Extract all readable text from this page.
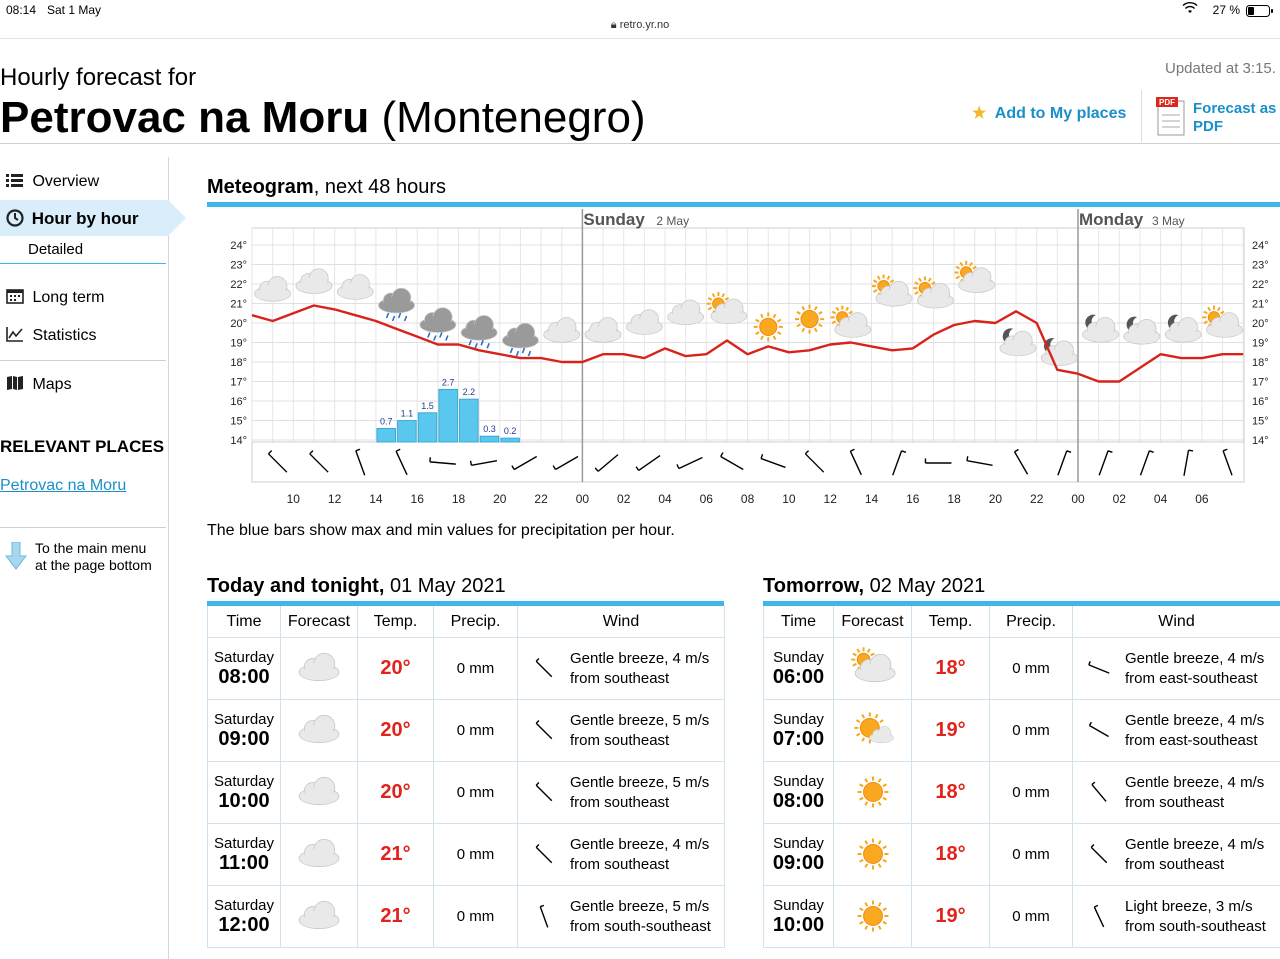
08:14 Sat 1 May
🔒︎ retro.yr.no
27 %
Hourly forecast for
Petrovac na Moru (Montenegro)
Updated at 3:15.
★ Add to My places
PDF Forecast as
PDF
Overview
Hour by hour
Detailed
Long term
Statistics
Maps
RELEVANT PLACES
Petrovac na Moru
To the main menu
at the page bottom
Meteogram, next 48 hours
Sunday 2 May	Monday 3 May
14°	14°
15°	15°
16°	16°
17°	17°
18°	18°
19°	19°
20°	20°
21°	21°
22°	22°
23°	23°
24°	24°
10 12 14 16 18 20 22 00 02 04 06 08 10 12 14 16 18 20 22 00 02 04 06
0.7
1.1
1.5
2.7
2.2
0.3 0.2
The blue bars show max and min values for precipitation per hour.
Today and tonight, 01 May 2021	Tomorrow, 02 May 2021
Time	Forecast	Temp.	Precip.	Wind

Saturday
08:00		20°	0 mm	Gentle breeze, 4 m/s
from southeast

Saturday
09:00		20°	0 mm	Gentle breeze, 5 m/s
from southeast

Saturday
10:00		20°	0 mm	Gentle breeze, 5 m/s
from southeast

Saturday
11:00		21°	0 mm	Gentle breeze, 4 m/s
from southeast

Saturday
12:00		21°	0 mm	Gentle breeze, 5 m/s
from south-southeast
Time	Forecast	Temp.	Precip.	Wind

Sunday
06:00		18°	0 mm	Gentle breeze, 4 m/s
from east-southeast

Sunday
07:00		19°	0 mm	Gentle breeze, 4 m/s
from east-southeast

Sunday
08:00		18°	0 mm	Gentle breeze, 4 m/s
from southeast

Sunday
09:00		18°	0 mm	Gentle breeze, 4 m/s
from southeast

Sunday
10:00		19°	0 mm	Light breeze, 3 m/s
from south-southeast
